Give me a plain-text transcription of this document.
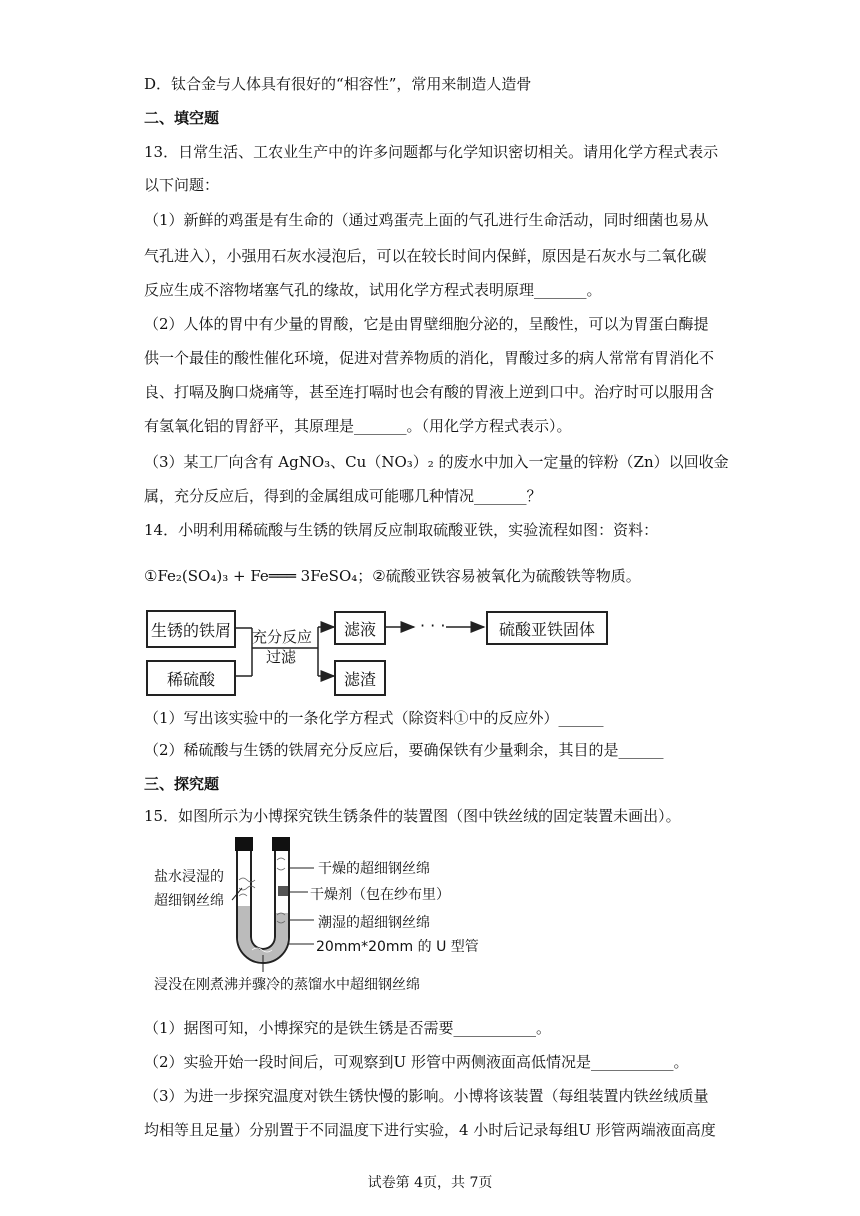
D．钛合金与人体具有很好的“相容性”，常用来制造人造骨
二、填空题
13．日常生活、工农业生产中的许多问题都与化学知识密切相关。请用化学方程式表示
以下问题：
（1）新鲜的鸡蛋是有生命的（通过鸡蛋壳上面的气孔进行生命活动，同时细菌也易从
气孔进入），小强用石灰水浸泡后，可以在较长时间内保鲜，原因是石灰水与二氧化碳
反应生成不溶物堵塞气孔的缘故，试用化学方程式表明原理_______。
（2）人体的胃中有少量的胃酸，它是由胃壁细胞分泌的，呈酸性，可以为胃蛋白酶提
供一个最佳的酸性催化环境，促进对营养物质的消化，胃酸过多的病人常常有胃消化不
良、打嗝及胸口烧痛等，甚至连打嗝时也会有酸的胃液上逆到口中。治疗时可以服用含
有氢氧化铝的胃舒平，其原理是_______。（用化学方程式表示）。
（3）某工厂向含有 AgNO₃、Cu（NO₃）₂ 的废水中加入一定量的锌粉（Zn）以回收金
属，充分反应后，得到的金属组成可能哪几种情况_______？
14．小明利用稀硫酸与生锈的铁屑反应制取硫酸亚铁，实验流程如图：资料：
①Fe₂(SO₄)₃ + Fe═══ 3FeSO₄；②硫酸亚铁容易被氧化为硫酸铁等物质。
生锈的铁屑
稀硫酸
充分反应
过滤
滤液
滤渣
· · ·	硫酸亚铁固体
（1）写出该实验中的一条化学方程式（除资料①中的反应外）______
（2）稀硫酸与生锈的铁屑充分反应后，要确保铁有少量剩余，其目的是______
三、探究题
15．如图所示为小博探究铁生锈条件的装置图（图中铁丝绒的固定装置未画出）。
盐水浸湿的
超细钢丝绵
干燥的超细钢丝绵
干燥剂（包在纱布里）
潮湿的超细钢丝绵
20mm*20mm 的 U 型管
浸没在刚煮沸并骤冷的蒸馏水中超细钢丝绵
（1）据图可知，小博探究的是铁生锈是否需要___________。
（2）实验开始一段时间后，可观察到U 形管中两侧液面高低情况是___________。
（3）为进一步探究温度对铁生锈快慢的影响。小博将该装置（每组装置内铁丝绒质量
均相等且足量）分别置于不同温度下进行实验，4 小时后记录每组U 形管两端液面高度
试卷第 4页，共 7页
